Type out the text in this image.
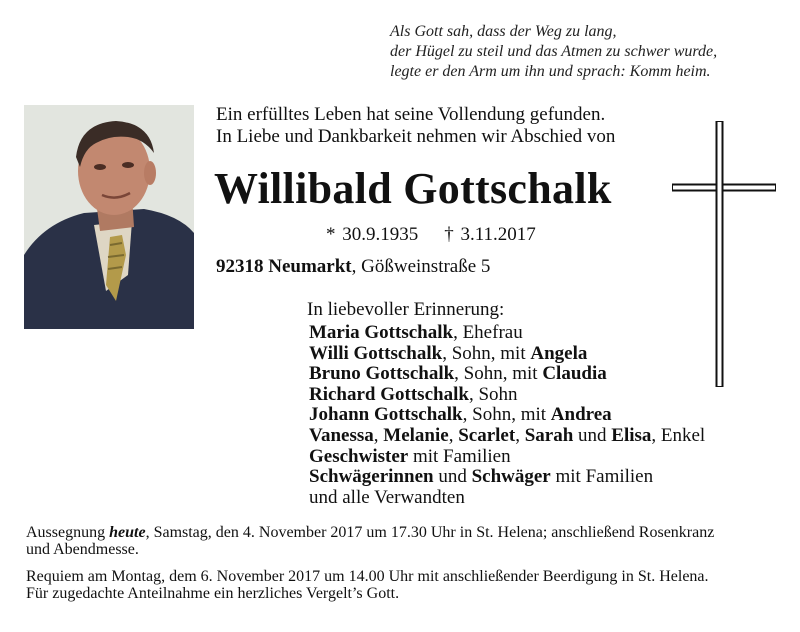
Als Gott sah, dass der Weg zu lang,
der Hügel zu steil und das Atmen zu schwer wurde,
legte er den Arm um ihn und sprach: Komm heim.
Ein erfülltes Leben hat seine Vollendung gefunden.
In Liebe und Dankbarkeit nehmen wir Abschied von
Willibald Gottschalk
* 30.9.1935 † 3.11.2017
92318 Neumarkt, Gößweinstraße 5
In liebevoller Erinnerung:
Maria Gottschalk, Ehefrau
Willi Gottschalk, Sohn, mit Angela
Bruno Gottschalk, Sohn, mit Claudia
Richard Gottschalk, Sohn
Johann Gottschalk, Sohn, mit Andrea
Vanessa, Melanie, Scarlet, Sarah und Elisa, Enkel
Geschwister mit Familien
Schwägerinnen und Schwäger mit Familien
und alle Verwandten
Aussegnung heute, Samstag, den 4. November 2017 um 17.30 Uhr in St. Helena; anschließend Rosenkranz
und Abendmesse.
Requiem am Montag, dem 6. November 2017 um 14.00 Uhr mit anschließender Beerdigung in St. Helena.
Für zugedachte Anteilnahme ein herzliches Vergelt’s Gott.
